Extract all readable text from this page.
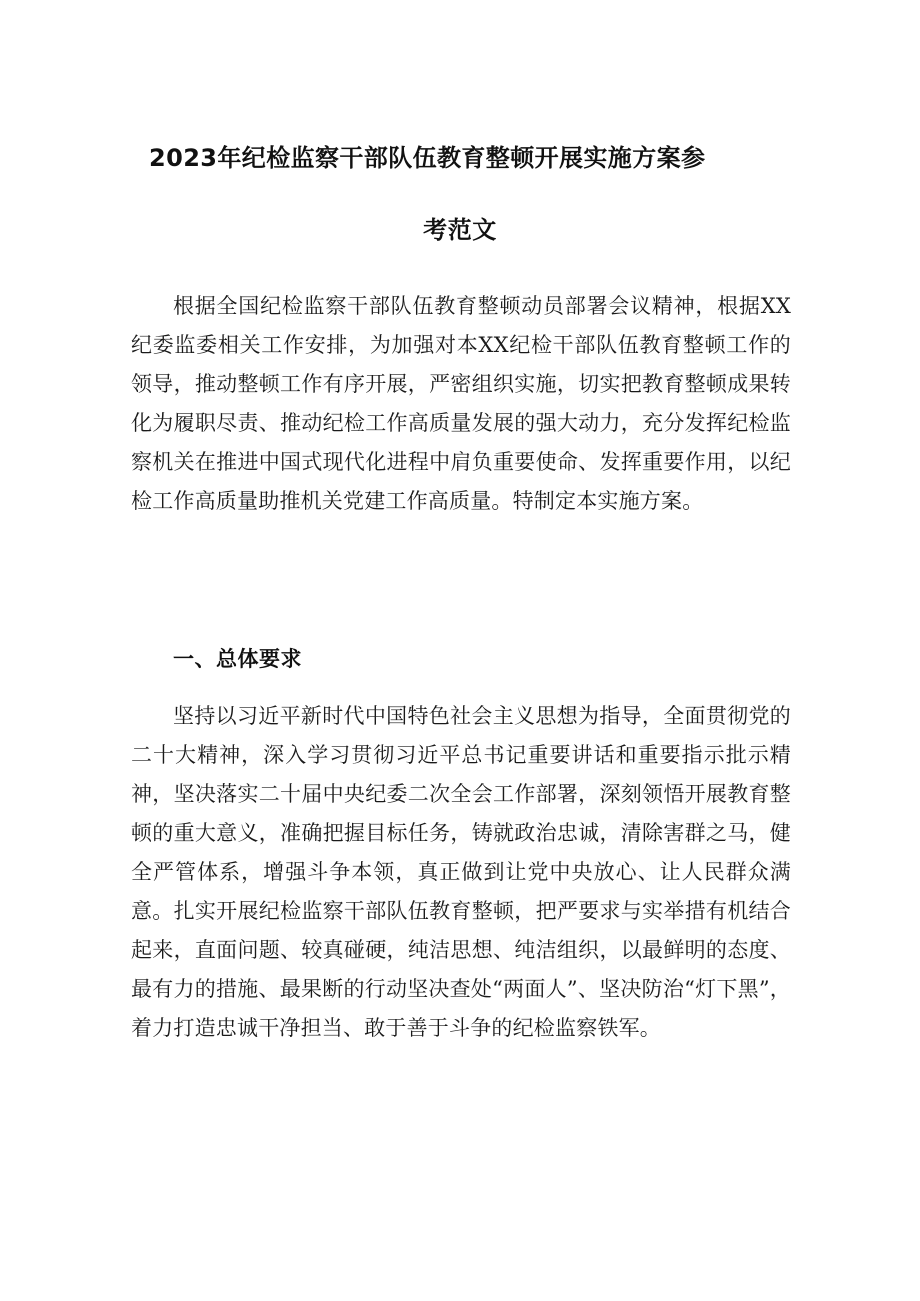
2023年纪检监察干部队伍教育整顿开展实施方案参
考范文

根据全国纪检监察干部队伍教育整顿动员部署会议精神，根据XX纪委监委相关工作安排，为加强对本XX纪检干部队伍教育整顿工作的领导，推动整顿工作有序开展，严密组织实施，切实把教育整顿成果转化为履职尽责、推动纪检工作高质量发展的强大动力，充分发挥纪检监察机关在推进中国式现代化进程中肩负重要使命、发挥重要作用，以纪检工作高质量助推机关党建工作高质量。特制定本实施方案。

一、总体要求

坚持以习近平新时代中国特色社会主义思想为指导，全面贯彻党的二十大精神，深入学习贯彻习近平总书记重要讲话和重要指示批示精神，坚决落实二十届中央纪委二次全会工作部署，深刻领悟开展教育整顿的重大意义，准确把握目标任务，铸就政治忠诚，清除害群之马，健全严管体系，增强斗争本领，真正做到让党中央放心、让人民群众满意。扎实开展纪检监察干部队伍教育整顿，把严要求与实举措有机结合起来，直面问题、较真碰硬，纯洁思想、纯洁组织，以最鲜明的态度、最有力的措施、最果断的行动坚决查处“两面人”、坚决防治“灯下黑”，着力打造忠诚干净担当、敢于善于斗争的纪检监察铁军。
